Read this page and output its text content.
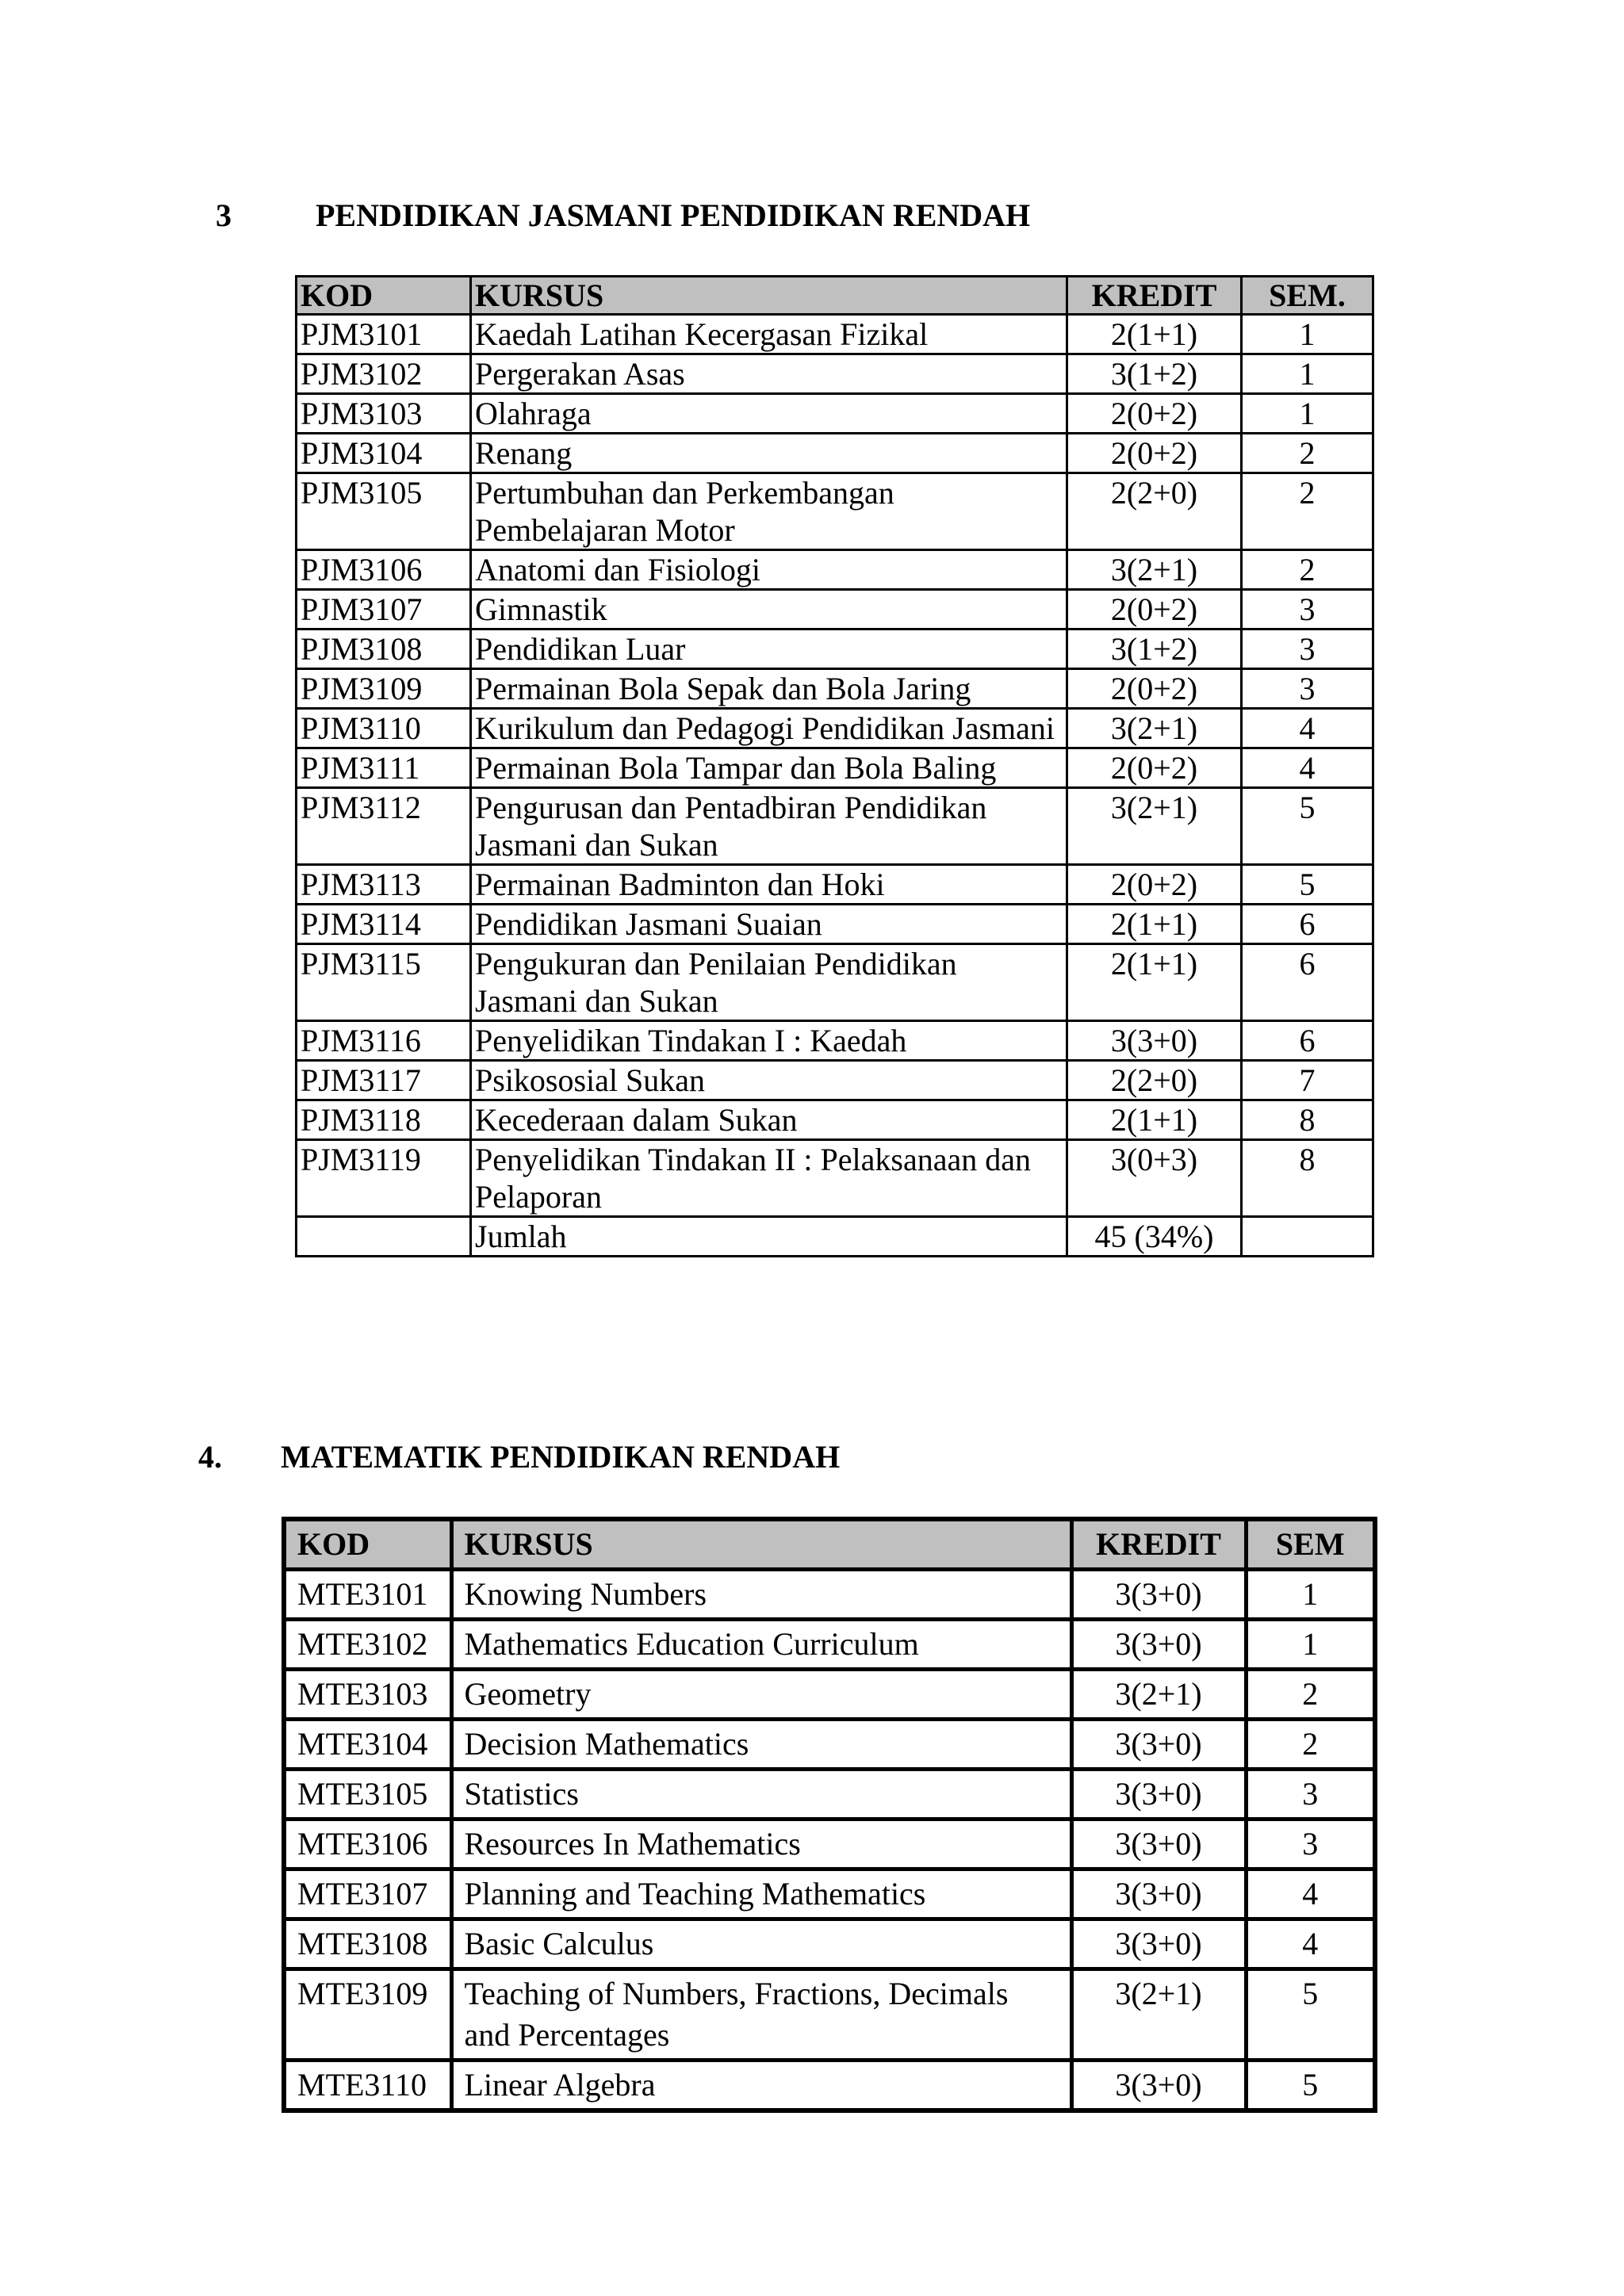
3	PENDIDIKAN JASMANI PENDIDIKAN RENDAH
KOD	KURSUS	KREDIT	SEM.
PJM3101	Kaedah Latihan Kecergasan Fizikal	2(1+1)	1
PJM3102	Pergerakan Asas	3(1+2)	1
PJM3103	Olahraga	2(0+2)	1
PJM3104	Renang	2(0+2)	2
PJM3105	Pertumbuhan dan Perkembangan Pembelajaran Motor	2(2+0)	2
PJM3106	Anatomi dan Fisiologi	3(2+1)	2
PJM3107	Gimnastik	2(0+2)	3
PJM3108	Pendidikan Luar	3(1+2)	3
PJM3109	Permainan Bola Sepak dan Bola Jaring	2(0+2)	3
PJM3110	Kurikulum dan Pedagogi Pendidikan Jasmani	3(2+1)	4
PJM3111	Permainan Bola Tampar dan Bola Baling	2(0+2)	4
PJM3112	Pengurusan dan Pentadbiran Pendidikan Jasmani dan Sukan	3(2+1)	5
PJM3113	Permainan Badminton dan Hoki	2(0+2)	5
PJM3114	Pendidikan Jasmani Suaian	2(1+1)	6
PJM3115	Pengukuran dan Penilaian Pendidikan Jasmani dan Sukan	2(1+1)	6
PJM3116	Penyelidikan Tindakan I : Kaedah	3(3+0)	6
PJM3117	Psikososial Sukan	2(2+0)	7
PJM3118	Kecederaan dalam Sukan	2(1+1)	8
PJM3119	Penyelidikan Tindakan II : Pelaksanaan dan Pelaporan	3(0+3)	8
	Jumlah	45 (34%)	
4. MATEMATIK PENDIDIKAN RENDAH
KOD	KURSUS	KREDIT	SEM
MTE3101	Knowing Numbers	3(3+0)	1
MTE3102	Mathematics Education Curriculum	3(3+0)	1
MTE3103	Geometry	3(2+1)	2
MTE3104	Decision Mathematics	3(3+0)	2
MTE3105	Statistics	3(3+0)	3
MTE3106	Resources In Mathematics	3(3+0)	3
MTE3107	Planning and Teaching Mathematics	3(3+0)	4
MTE3108	Basic Calculus	3(3+0)	4
MTE3109	Teaching of Numbers, Fractions, Decimals and Percentages	3(2+1)	5
MTE3110	Linear Algebra	3(3+0)	5
